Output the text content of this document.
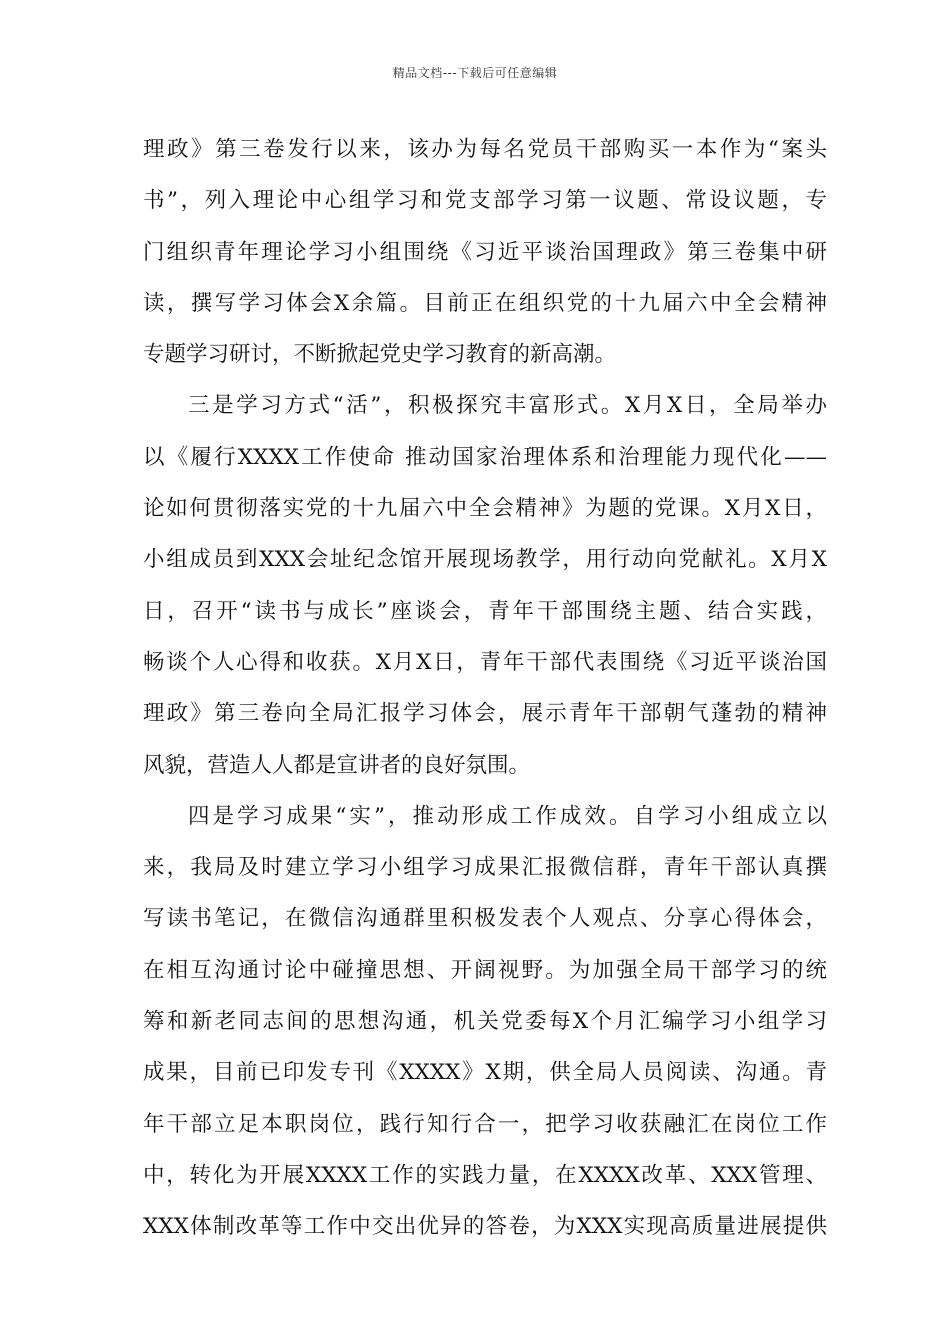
精品文档---下载后可任意编辑
理政》第三卷发行以来，该办为每名党员干部购买一本作为“案头
书”，列入理论中心组学习和党支部学习第一议题、常设议题，专
门组织青年理论学习小组围绕《习近平谈治国理政》第三卷集中研
读，撰写学习体会X余篇。目前正在组织党的十九届六中全会精神
专题学习研讨，不断掀起党史学习教育的新高潮。
三是学习方式“活”，积极探究丰富形式。X月X日，全局举办
以《履行XXXX工作使命 推动国家治理体系和治理能力现代化——
论如何贯彻落实党的十九届六中全会精神》为题的党课。X月X日，
小组成员到XXX会址纪念馆开展现场教学，用行动向党献礼。X月X
日，召开“读书与成长”座谈会，青年干部围绕主题、结合实践，
畅谈个人心得和收获。X月X日，青年干部代表围绕《习近平谈治国
理政》第三卷向全局汇报学习体会，展示青年干部朝气蓬勃的精神
风貌，营造人人都是宣讲者的良好氛围。
四是学习成果“实”，推动形成工作成效。自学习小组成立以
来，我局及时建立学习小组学习成果汇报微信群，青年干部认真撰
写读书笔记，在微信沟通群里积极发表个人观点、分享心得体会，
在相互沟通讨论中碰撞思想、开阔视野。为加强全局干部学习的统
筹和新老同志间的思想沟通，机关党委每X个月汇编学习小组学习
成果，目前已印发专刊《XXXX》X期，供全局人员阅读、沟通。青
年干部立足本职岗位，践行知行合一，把学习收获融汇在岗位工作
中，转化为开展XXXX工作的实践力量，在XXXX改革、XXX管理、
XXX体制改革等工作中交出优异的答卷，为XXX实现高质量进展提供
